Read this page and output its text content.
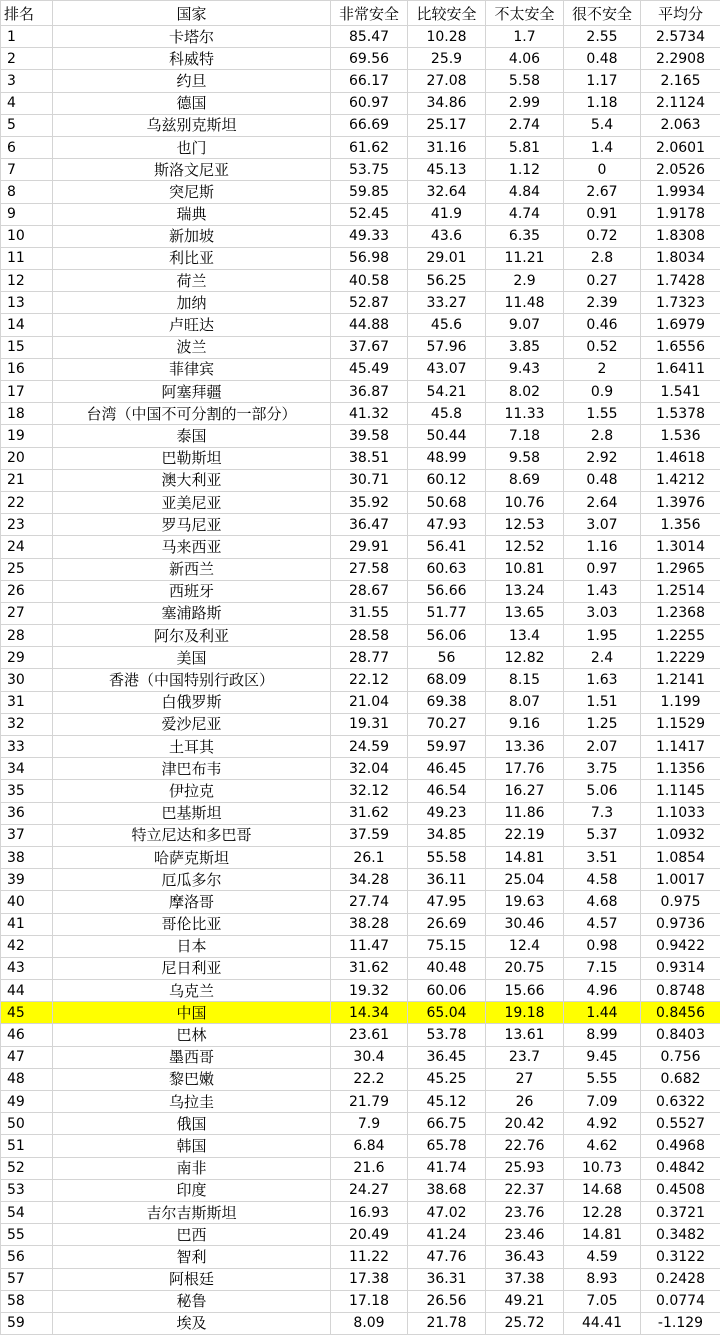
排名	国家	非常安全	比较安全	不太安全	很不安全	平均分
1	卡塔尔	85.47	10.28	1.7	2.55	2.5734
2	科威特	69.56	25.9	4.06	0.48	2.2908
3	约旦	66.17	27.08	5.58	1.17	2.165
4	德国	60.97	34.86	2.99	1.18	2.1124
5	乌兹别克斯坦	66.69	25.17	2.74	5.4	2.063
6	也门	61.62	31.16	5.81	1.4	2.0601
7	斯洛文尼亚	53.75	45.13	1.12	0	2.0526
8	突尼斯	59.85	32.64	4.84	2.67	1.9934
9	瑞典	52.45	41.9	4.74	0.91	1.9178
10	新加坡	49.33	43.6	6.35	0.72	1.8308
11	利比亚	56.98	29.01	11.21	2.8	1.8034
12	荷兰	40.58	56.25	2.9	0.27	1.7428
13	加纳	52.87	33.27	11.48	2.39	1.7323
14	卢旺达	44.88	45.6	9.07	0.46	1.6979
15	波兰	37.67	57.96	3.85	0.52	1.6556
16	菲律宾	45.49	43.07	9.43	2	1.6411
17	阿塞拜疆	36.87	54.21	8.02	0.9	1.541
18	台湾（中国不可分割的一部分）	41.32	45.8	11.33	1.55	1.5378
19	泰国	39.58	50.44	7.18	2.8	1.536
20	巴勒斯坦	38.51	48.99	9.58	2.92	1.4618
21	澳大利亚	30.71	60.12	8.69	0.48	1.4212
22	亚美尼亚	35.92	50.68	10.76	2.64	1.3976
23	罗马尼亚	36.47	47.93	12.53	3.07	1.356
24	马来西亚	29.91	56.41	12.52	1.16	1.3014
25	新西兰	27.58	60.63	10.81	0.97	1.2965
26	西班牙	28.67	56.66	13.24	1.43	1.2514
27	塞浦路斯	31.55	51.77	13.65	3.03	1.2368
28	阿尔及利亚	28.58	56.06	13.4	1.95	1.2255
29	美国	28.77	56	12.82	2.4	1.2229
30	香港（中国特别行政区）	22.12	68.09	8.15	1.63	1.2141
31	白俄罗斯	21.04	69.38	8.07	1.51	1.199
32	爱沙尼亚	19.31	70.27	9.16	1.25	1.1529
33	土耳其	24.59	59.97	13.36	2.07	1.1417
34	津巴布韦	32.04	46.45	17.76	3.75	1.1356
35	伊拉克	32.12	46.54	16.27	5.06	1.1145
36	巴基斯坦	31.62	49.23	11.86	7.3	1.1033
37	特立尼达和多巴哥	37.59	34.85	22.19	5.37	1.0932
38	哈萨克斯坦	26.1	55.58	14.81	3.51	1.0854
39	厄瓜多尔	34.28	36.11	25.04	4.58	1.0017
40	摩洛哥	27.74	47.95	19.63	4.68	0.975
41	哥伦比亚	38.28	26.69	30.46	4.57	0.9736
42	日本	11.47	75.15	12.4	0.98	0.9422
43	尼日利亚	31.62	40.48	20.75	7.15	0.9314
44	乌克兰	19.32	60.06	15.66	4.96	0.8748
45	中国	14.34	65.04	19.18	1.44	0.8456
46	巴林	23.61	53.78	13.61	8.99	0.8403
47	墨西哥	30.4	36.45	23.7	9.45	0.756
48	黎巴嫩	22.2	45.25	27	5.55	0.682
49	乌拉圭	21.79	45.12	26	7.09	0.6322
50	俄国	7.9	66.75	20.42	4.92	0.5527
51	韩国	6.84	65.78	22.76	4.62	0.4968
52	南非	21.6	41.74	25.93	10.73	0.4842
53	印度	24.27	38.68	22.37	14.68	0.4508
54	吉尔吉斯斯坦	16.93	47.02	23.76	12.28	0.3721
55	巴西	20.49	41.24	23.46	14.81	0.3482
56	智利	11.22	47.76	36.43	4.59	0.3122
57	阿根廷	17.38	36.31	37.38	8.93	0.2428
58	秘鲁	17.18	26.56	49.21	7.05	0.0774
59	埃及	8.09	21.78	25.72	44.41	-1.129
